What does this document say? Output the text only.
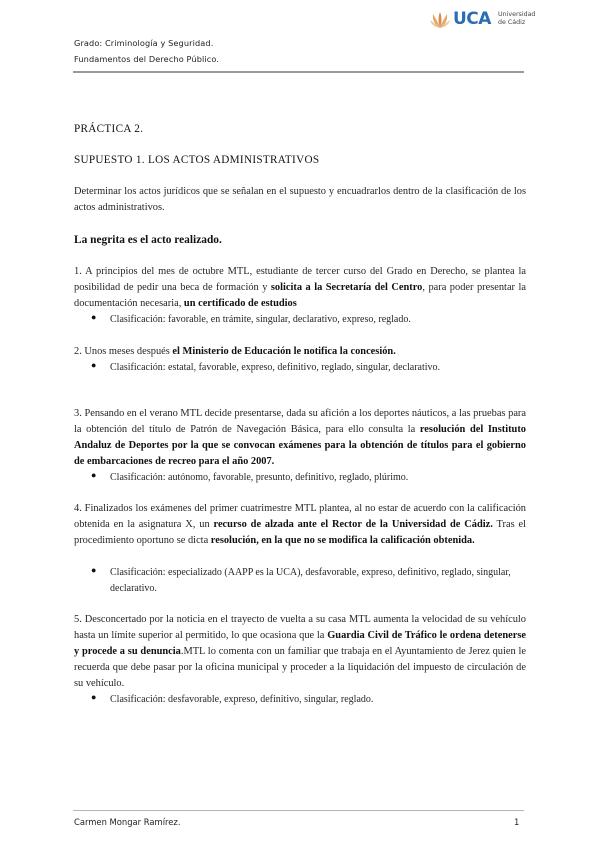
Grado: Criminología y Seguridad.
Fundamentos del Derecho Público.
UCA Universidad
de Cádiz
PRÁCTICA 2.
SUPUESTO 1. LOS ACTOS ADMINISTRATIVOS
Determinar los actos jurídicos que se señalan en el supuesto y encuadrarlos dentro de la clasificación de los actos administrativos.
La negrita es el acto realizado.
1. A principios del mes de octubre MTL, estudiante de tercer curso del Grado en Derecho, se plantea la posibilidad de pedir una beca de formación y solicita a la Secretaría del Centro, para poder presentar la documentación necesaria, un certificado de estudios
● Clasificación: favorable, en trámite, singular, declarativo, expreso, reglado.
2. Unos meses después el Ministerio de Educación le notifica la concesión.
● Clasificación: estatal, favorable, expreso, definitivo, reglado, singular, declarativo.
3. Pensando en el verano MTL decide presentarse, dada su afición a los deportes náuticos, a las pruebas para la obtención del título de Patrón de Navegación Básica, para ello consulta la resolución del Instituto Andaluz de Deportes por la que se convocan exámenes para la obtención de títulos para el gobierno de embarcaciones de recreo para el año 2007.
● Clasificación: autónomo, favorable, presunto, definitivo, reglado, plúrimo.
4. Finalizados los exámenes del primer cuatrimestre MTL plantea, al no estar de acuerdo con la calificación obtenida en la asignatura X, un recurso de alzada ante el Rector de la Universidad de Cádiz. Tras el procedimiento oportuno se dicta resolución, en la que no se modifica la calificación obtenida.
● Clasificación: especializado (AAPP es la UCA), desfavorable, expreso, definitivo, reglado, singular, declarativo.
5. Desconcertado por la noticia en el trayecto de vuelta a su casa MTL aumenta la velocidad de su vehículo hasta un límite superior al permitido, lo que ocasiona que la Guardia Civil de Tráfico le ordena detenerse y procede a su denuncia.MTL lo comenta con un familiar que trabaja en el Ayuntamiento de Jerez quien le recuerda que debe pasar por la oficina municipal y proceder a la liquidación del impuesto de circulación de su vehículo.
● Clasificación: desfavorable, expreso, definitivo, singular, reglado.
Carmen Mongar Ramírez.	1
